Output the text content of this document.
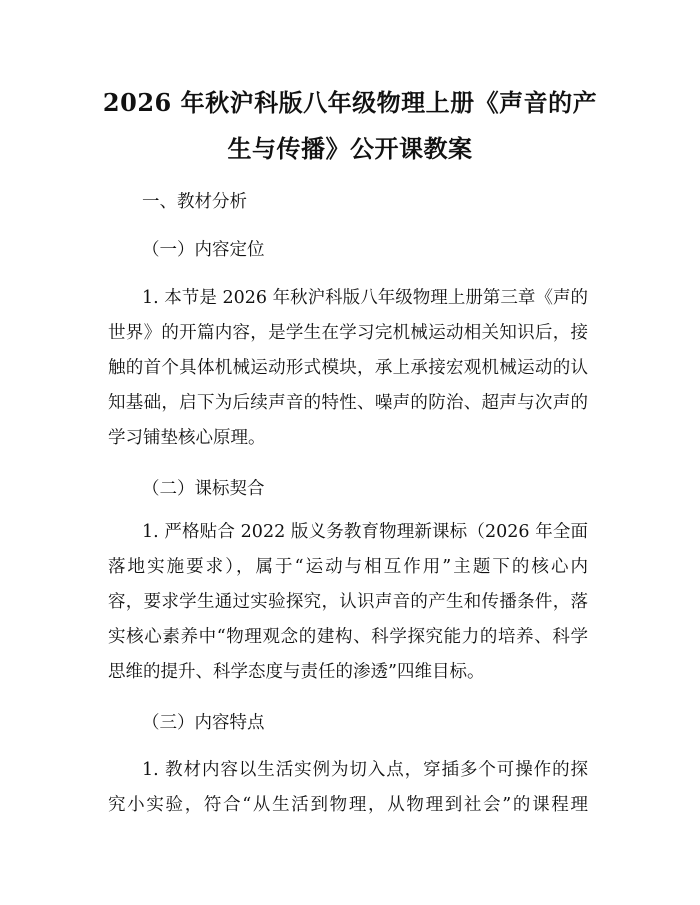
2026 年秋沪科版八年级物理上册《声音的产
生与传播》公开课教案
一、教材分析
（一）内容定位
1. 本节是 2026 年秋沪科版八年级物理上册第三章《声的
世界》的开篇内容，是学生在学习完机械运动相关知识后，接
触的首个具体机械运动形式模块，承上承接宏观机械运动的认
知基础，启下为后续声音的特性、噪声的防治、超声与次声的
学习铺垫核心原理。
（二）课标契合
1. 严格贴合 2022 版义务教育物理新课标（2026 年全面
落地实施要求），属于“运动与相互作用”主题下的核心内
容，要求学生通过实验探究，认识声音的产生和传播条件，落
实核心素养中“物理观念的建构、科学探究能力的培养、科学
思维的提升、科学态度与责任的渗透”四维目标。
（三）内容特点
1. 教材内容以生活实例为切入点，穿插多个可操作的探
究小实验，符合“从生活到物理，从物理到社会”的课程理
